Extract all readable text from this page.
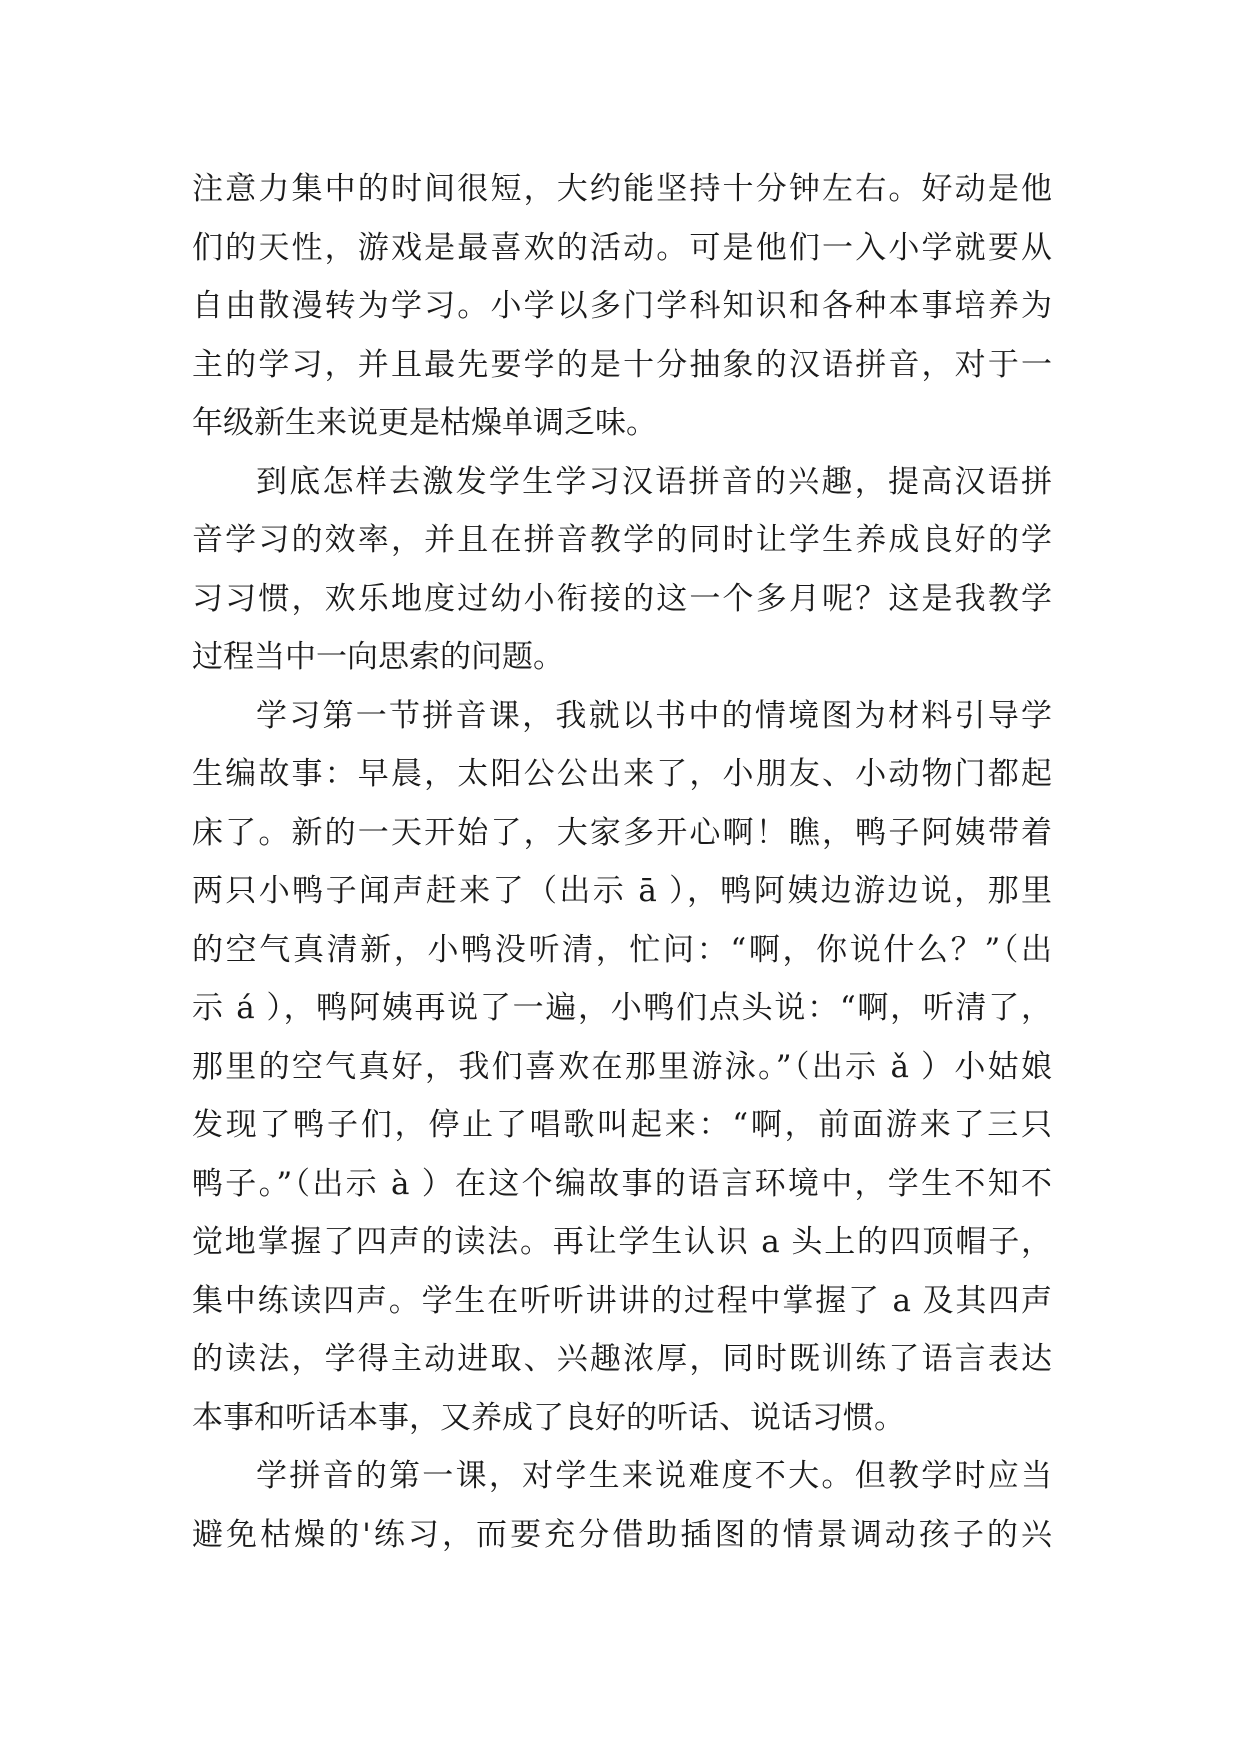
注意力集中的时间很短，大约能坚持十分钟左右。好动是他
们的天性，游戏是最喜欢的活动。可是他们一入小学就要从
自由散漫转为学习。小学以多门学科知识和各种本事培养为
主的学习，并且最先要学的是十分抽象的汉语拼音，对于一
年级新生来说更是枯燥单调乏味。
到底怎样去激发学生学习汉语拼音的兴趣，提高汉语拼
音学习的效率，并且在拼音教学的同时让学生养成良好的学
习习惯，欢乐地度过幼小衔接的这一个多月呢？这是我教学
过程当中一向思索的问题。
学习第一节拼音课，我就以书中的情境图为材料引导学
生编故事：早晨，太阳公公出来了，小朋友、小动物门都起
床了。新的一天开始了，大家多开心啊！瞧，鸭子阿姨带着
两只小鸭子闻声赶来了（出示 ā ），鸭阿姨边游边说，那里
的空气真清新，小鸭没听清，忙问：“啊，你说什么？”（出
示 á ），鸭阿姨再说了一遍，小鸭们点头说：“啊，听清了，
那里的空气真好，我们喜欢在那里游泳。”（出示 ǎ ）小姑娘
发现了鸭子们，停止了唱歌叫起来：“啊，前面游来了三只
鸭子。”（出示 à ）在这个编故事的语言环境中，学生不知不
觉地掌握了四声的读法。再让学生认识 a 头上的四顶帽子，
集中练读四声。学生在听听讲讲的过程中掌握了 a 及其四声
的读法，学得主动进取、兴趣浓厚，同时既训练了语言表达
本事和听话本事，又养成了良好的听话、说话习惯。
学拼音的第一课，对学生来说难度不大。但教学时应当
避免枯燥的'练习，而要充分借助插图的情景调动孩子的兴
